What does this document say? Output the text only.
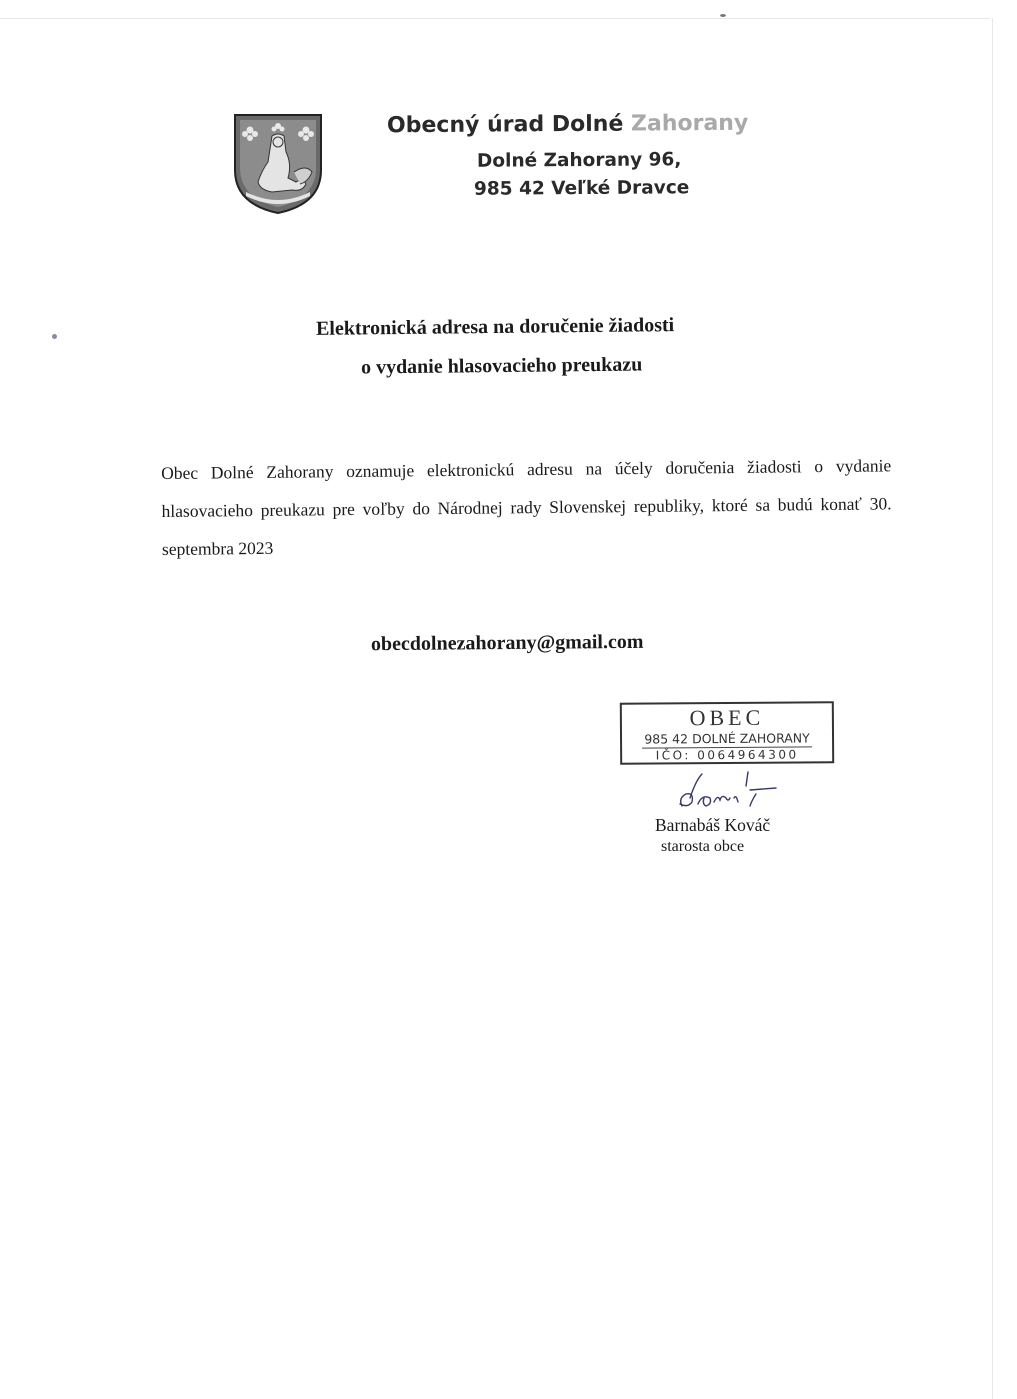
Obecný úrad Dolné Zahorany
Dolné Zahorany 96,
985 42 Veľké Dravce
Elektronická adresa na doručenie žiadosti
o vydanie hlasovacieho preukazu
Obec Dolné Zahorany oznamuje elektronickú adresu na účely doručenia žiadosti o vydanie hlasovacieho preukazu pre voľby do Národnej rady Slovenskej republiky, ktoré sa budú konať 30. septembra 2023
obecdolnezahorany@gmail.com
OBEC
985 42 DOLNÉ ZAHORANY
IČO: 0064964300
Barnabáš Kováč
starosta obce
